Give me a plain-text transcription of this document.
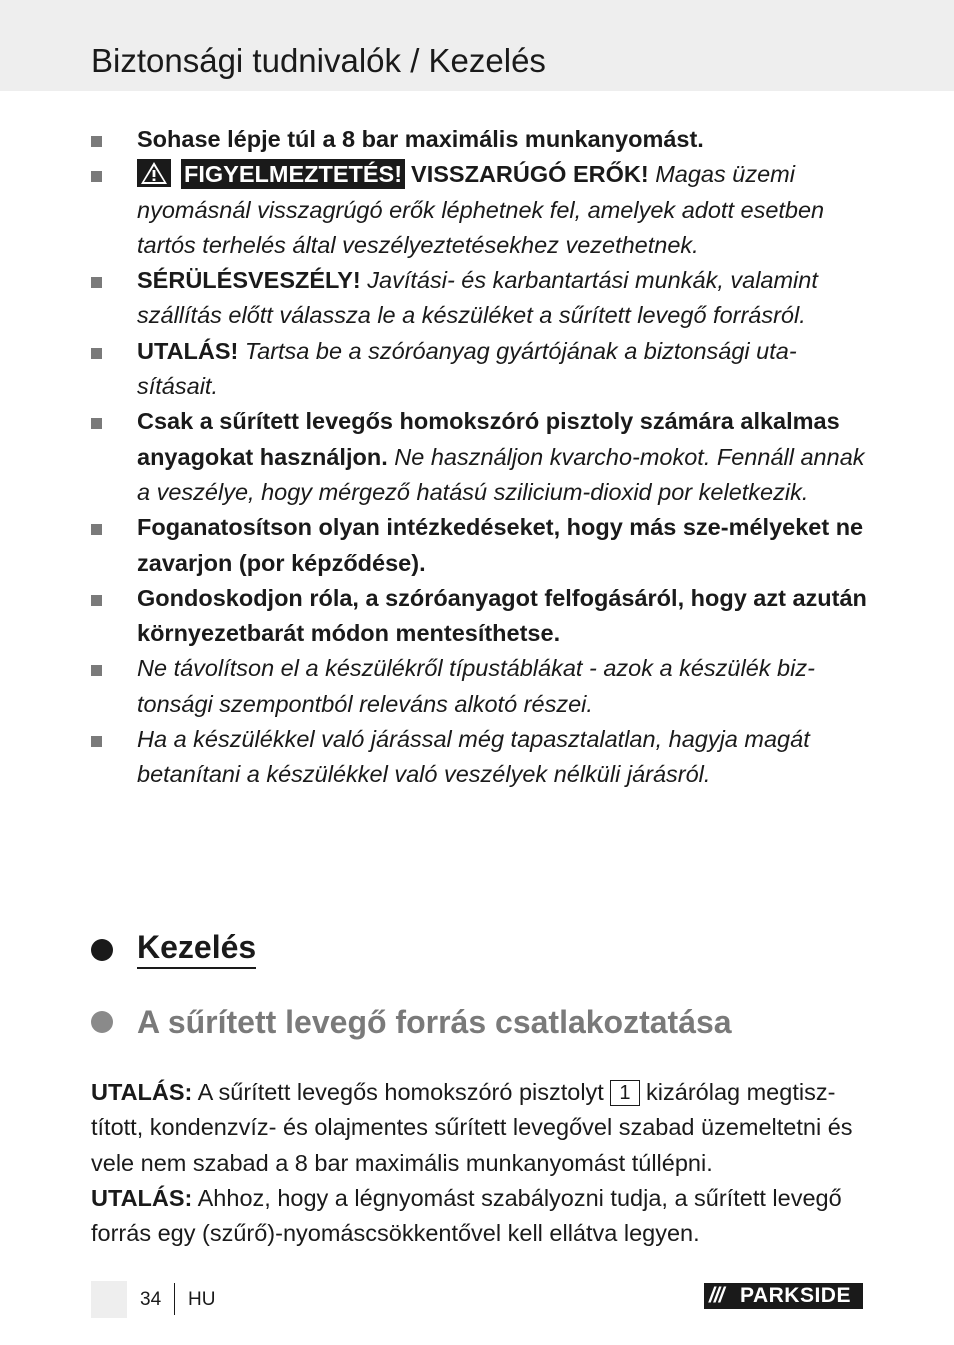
Biztonsági tudnivalók / Kezelés
Sohase lépje túl a 8 bar maximális munkanyomást.
FIGYELMEZTETÉS! VISSZARÚGÓ ERŐK! Magas üzemi nyomásnál visszagrúgó erők léphetnek fel, amelyek adott esetben tartós terhelés által veszélyeztetésekhez vezethetnek.
SÉRÜLÉSVESZÉLY! Javítási- és karbantartási munkák, valamint szállítás előtt válassza le a készüléket a sűrített levegő forrásról.
UTALÁS! Tartsa be a szóróanyag gyártójának a biztonsági uta-sításait.
Csak a sűrített levegős homokszóró pisztoly számára alkalmas anyagokat használjon. Ne használjon kvarcho-mokot. Fennáll annak a veszélye, hogy mérgező hatású szilicium-dioxid por keletkezik.
Foganatosítson olyan intézkedéseket, hogy más sze-mélyeket ne zavarjon (por képződése).
Gondoskodjon róla, a szóróanyagot felfogásáról, hogy azt azután környezetbarát módon mentesíthetse.
Ne távolítson el a készülékről típustáblákat - azok a készülék biz-tonsági szempontból releváns alkotó részei.
Ha a készülékkel való járással még tapasztalatlan, hagyja magát betanítani a készülékkel való veszélyek nélküli járásról.
Kezelés
A sűrített levegő forrás csatlakoztatása

UTALÁS: A sűrített levegős homokszóró pisztolyt 1 kizárólag megtisz-tított, kondenzvíz- és olajmentes sűrített levegővel szabad üzemeltetni és vele nem szabad a 8 bar maximális munkanyomást túllépni.
UTALÁS: Ahhoz, hogy a légnyomást szabályozni tudja, a sűrített levegő forrás egy (szűrő)-nyomáscsökkentővel kell ellátva legyen.

34 HU	/// PARKSIDE
